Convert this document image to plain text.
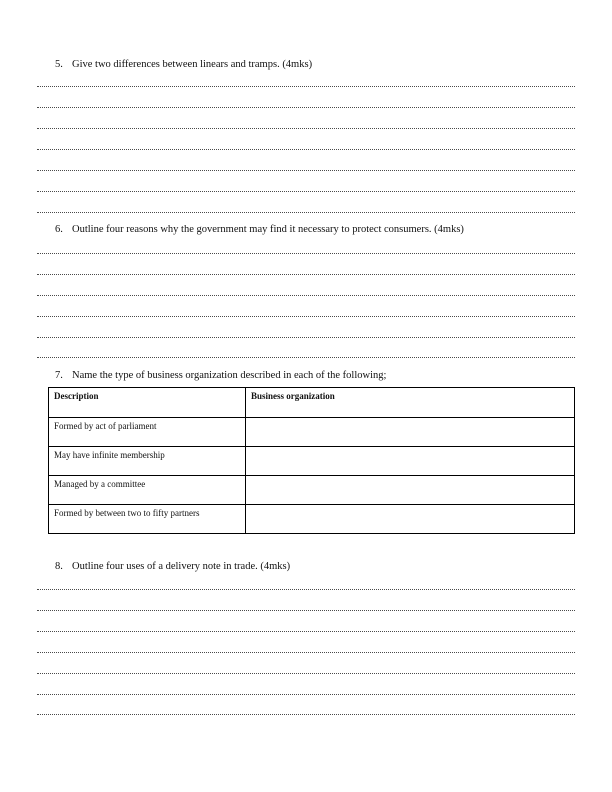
5. Give two differences between linears and tramps. (4mks)
6. Outline four reasons why the government may find it necessary to protect consumers. (4mks)
7. Name the type of business organization described in each of the following;
Description	Business organization
Formed by act of parliament	
May have infinite membership	
Managed by a committee	
Formed by between two to fifty partners	
8. Outline four uses of a delivery note in trade. (4mks)
